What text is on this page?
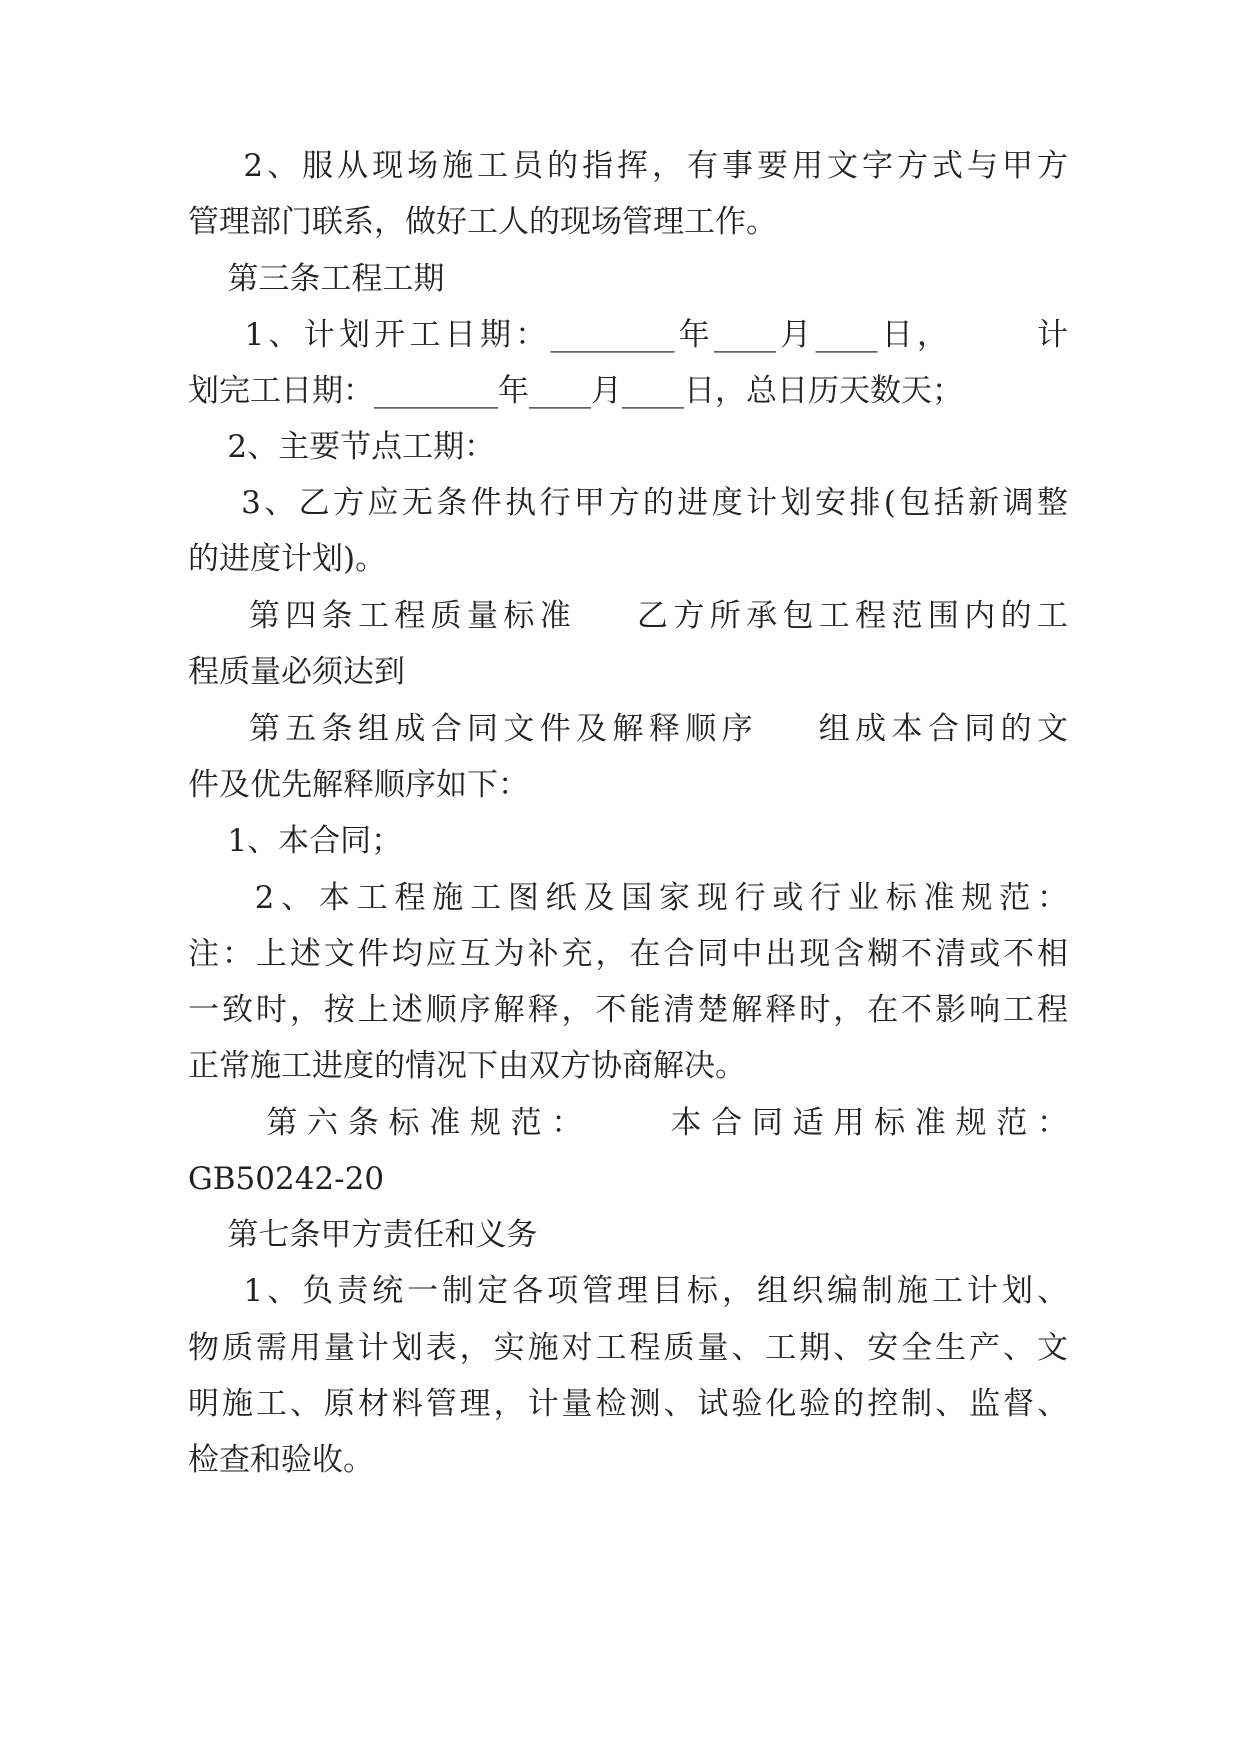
2、服从现场施工员的指挥，有事要用文字方式与甲方

管理部门联系，做好工人的现场管理工作。

第三条工程工期

1、计划开工日期：________年____月____日，      计

划完工日期：________年____月____日，总日历天数天；

2、主要节点工期：

3、乙方应无条件执行甲方的进度计划安排(包括新调整

的进度计划)。

第四条工程质量标准    乙方所承包工程范围内的工

程质量必须达到

第五条组成合同文件及解释顺序    组成本合同的文

件及优先解释顺序如下：

1、本合同；

2、本工程施工图纸及国家现行或行业标准规范：

注：上述文件均应互为补充，在合同中出现含糊不清或不相

一致时，按上述顺序解释，不能清楚解释时，在不影响工程

正常施工进度的情况下由双方协商解决。

第六条标准规范：    本合同适用标准规范：

GB50242-20

第七条甲方责任和义务

1、负责统一制定各项管理目标，组织编制施工计划、

物质需用量计划表，实施对工程质量、工期、安全生产、文

明施工、原材料管理，计量检测、试验化验的控制、监督、

检查和验收。
